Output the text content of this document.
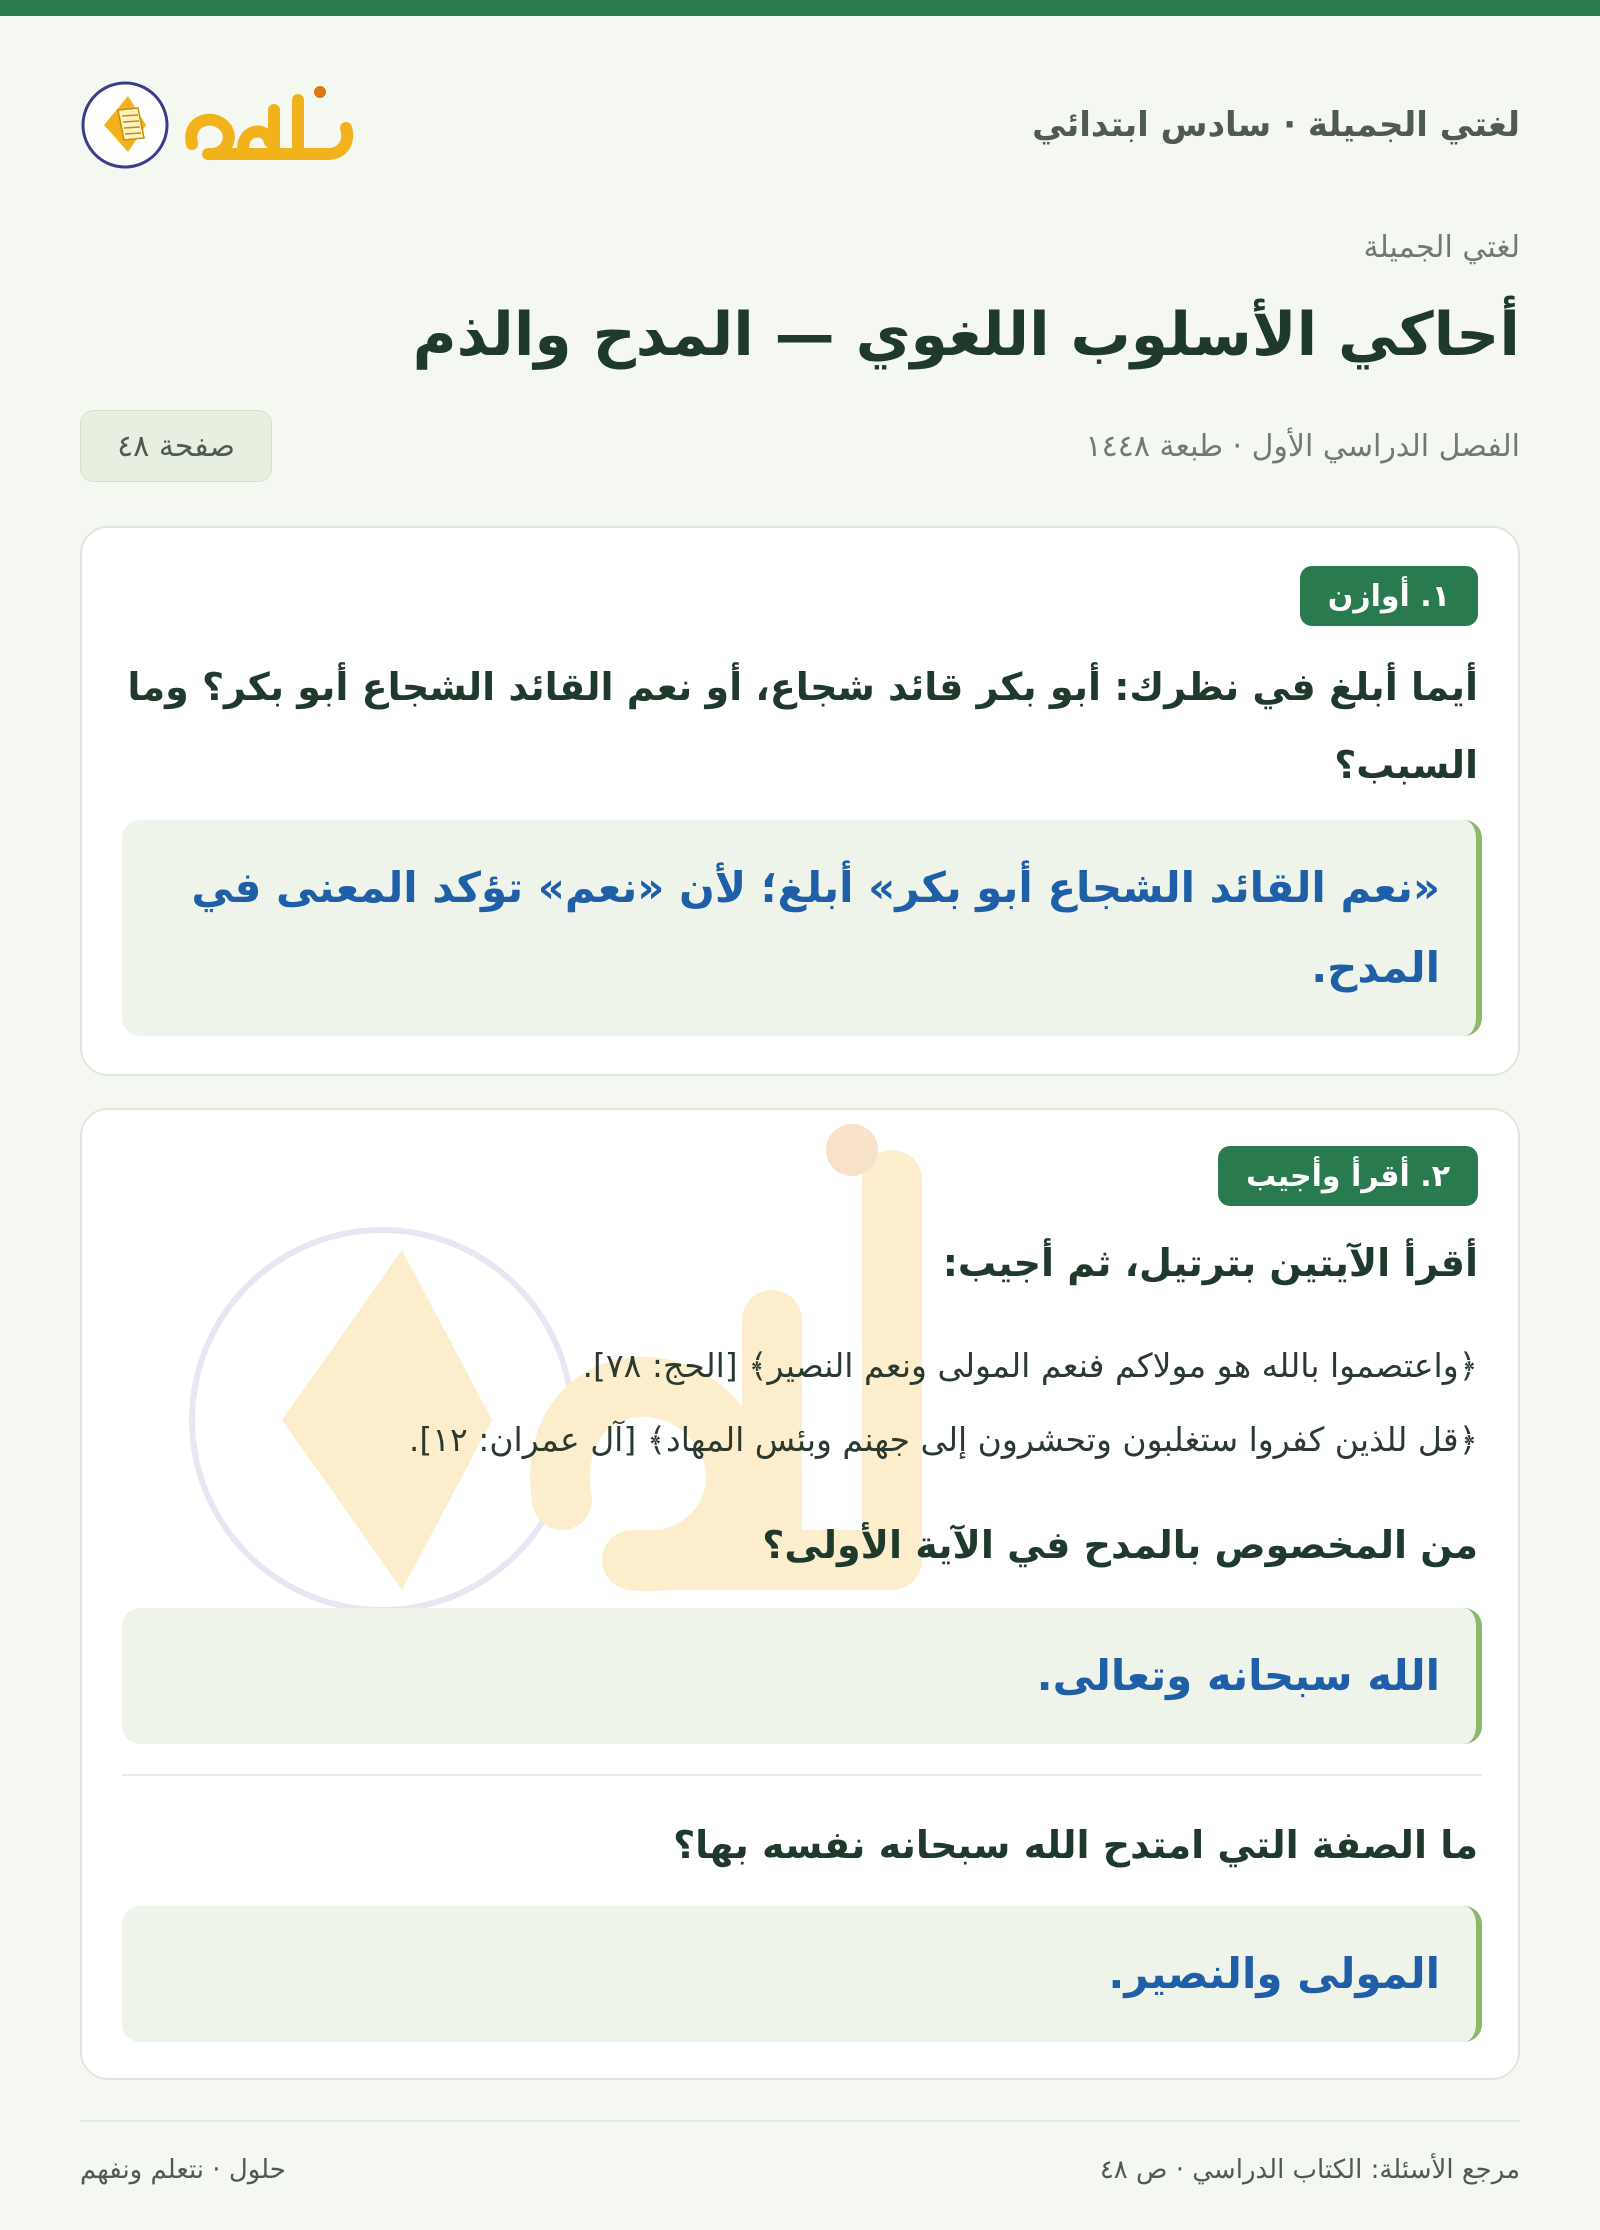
لغتي الجميلة · سادس ابتدائي
لغتي الجميلة
أحاكي الأسلوب اللغوي — المدح والذم
الفصل الدراسي الأول · طبعة ١٤٤٨
صفحة ٤٨
١. أوازن
أيما أبلغ في نظرك: أبو بكر قائد شجاع، أو نعم القائد الشجاع أبو بكر؟ وما السبب؟
«نعم القائد الشجاع أبو بكر» أبلغ؛ لأن «نعم» تؤكد المعنى في المدح.
٢. أقرأ وأجيب
أقرأ الآيتين بترتيل، ثم أجيب:
﴿واعتصموا بالله هو مولاكم فنعم المولى ونعم النصير﴾ [الحج: ٧٨].
﴿قل للذين كفروا ستغلبون وتحشرون إلى جهنم وبئس المهاد﴾ [آل عمران: ١٢].
من المخصوص بالمدح في الآية الأولى؟
الله سبحانه وتعالى.
ما الصفة التي امتدح الله سبحانه نفسه بها؟
المولى والنصير.
مرجع الأسئلة: الكتاب الدراسي · ص ٤٨
حلول · نتعلم ونفهم
